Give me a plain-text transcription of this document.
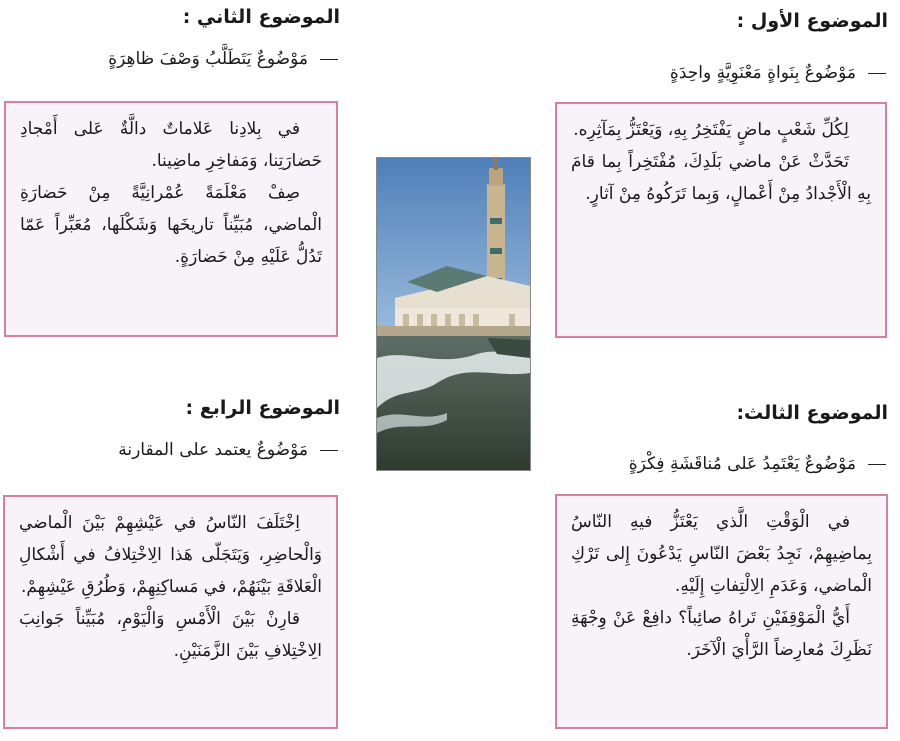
الموضوع الأول :

مَوْضُوعٌ بِنَواةٍ مَعْنَوِيَّةٍ واحِدَةٍ

لِكُلِّ شَعْبٍ ماضٍ يَفْتَخِرُ بِهِ، وَيَعْتَزُّ بِمَآثِرِه.

تَحَدَّثْ عَنْ ماضي بَلَدِكَ، مُفْتَخِراً بِما قامَ بِهِ الْأَجْدادُ مِنْ أَعْمالٍ، وَبِما تَرَكُوهُ مِنْ آثارٍ.

الموضوع الثاني :

مَوْضُوعٌ يَتَطَلَّبُ وَصْفَ ظاهِرَةٍ

في بِلادِنا عَلاماتٌ دالَّةٌ عَلى أَمْجادِ حَضارَتِنا، وَمَفاخِرِ ماضِينا.

صِفْ مَعْلَمَةً عُمْرانِيَّةً مِنْ حَضارَةِ الْماضي، مُبَيِّناً تاريخَها وَشَكْلَها، مُعَبِّراً عَمّا تَدُلُّ عَلَيْهِ مِنْ حَضارَةٍ.

الموضوع الثالث:

مَوْضُوعٌ يَعْتَمِدُ عَلى مُناقَشَةِ فِكْرَةٍ

في الْوَقْتِ الَّذي يَعْتَزُّ فيهِ النّاسُ بِماضِيهِمْ، نَجِدُ بَعْضَ النّاسِ يَدْعُونَ إِلى تَرْكِ الْماضي، وَعَدَمِ الِالْتِفاتِ إِلَيْهِ.

أَيُّ الْمَوْقِفَيْنِ تَراهُ صائِباً؟ دافِعْ عَنْ وِجْهَةِ نَظَرِكَ مُعارِضاً الرَّأْيَ الْآخَرَ.

الموضوع الرابع :

مَوْضُوعٌ يعتمد على المقارنة

اِخْتَلَفَ النّاسُ في عَيْشِهِمْ بَيْنَ الْماضي وَالْحاضِرِ، وَيَتَجَلّى هَذا الِاخْتِلافُ في أَشْكالِ الْعَلاقَةِ بَيْنَهُمْ، في مَساكِنِهِمْ، وَطُرُقِ عَيْشِهِمْ.

قارِنْ بَيْنَ الْأَمْسِ وَالْيَوْمِ، مُبَيِّناً جَوانِبَ الِاخْتِلافِ بَيْنَ الزَّمَنَيْنِ.
